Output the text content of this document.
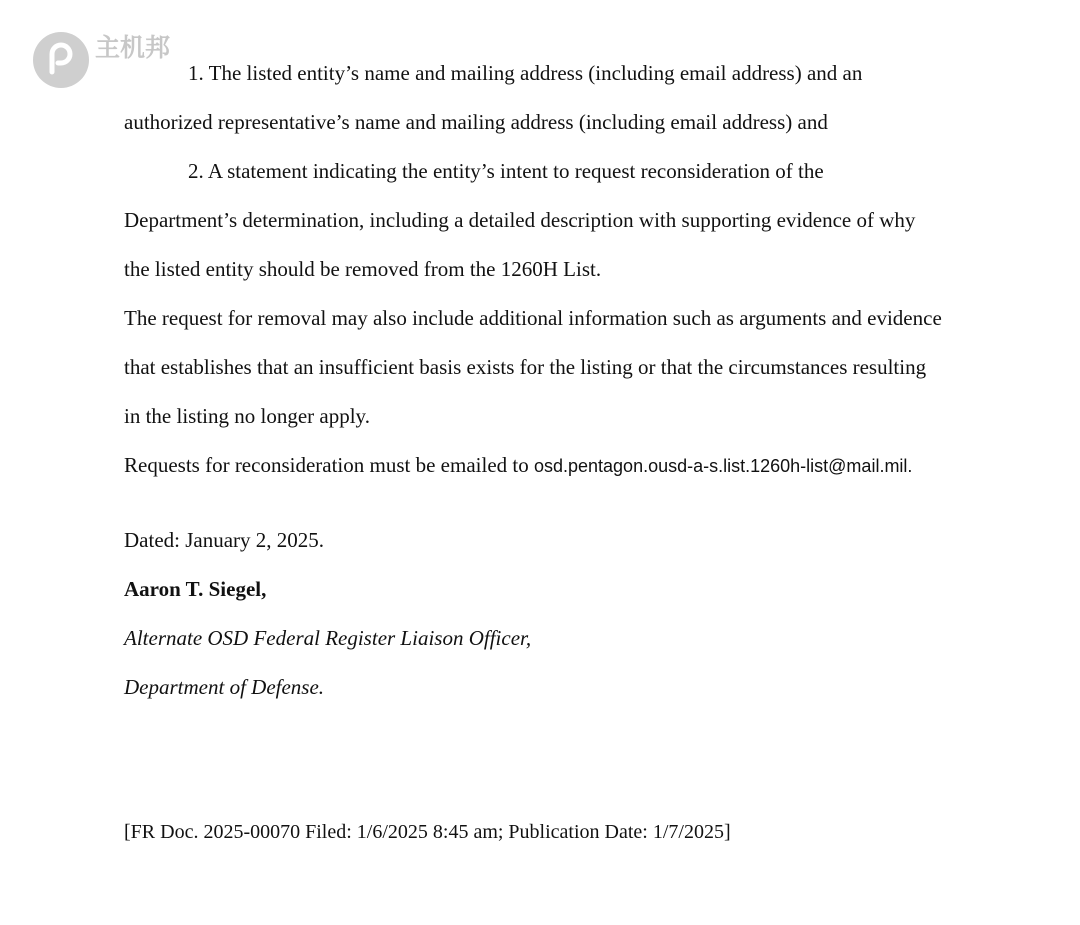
主机邦
1. The listed entity’s name and mailing address (including email address) and an
authorized representative’s name and mailing address (including email address) and
2. A statement indicating the entity’s intent to request reconsideration of the
Department’s determination, including a detailed description with supporting evidence of why
the listed entity should be removed from the 1260H List.
The request for removal may also include additional information such as arguments and evidence
that establishes that an insufficient basis exists for the listing or that the circumstances resulting
in the listing no longer apply.
Requests for reconsideration must be emailed to osd.pentagon.ousd-a-s.list.1260h-list@mail.mil.
Dated: January 2, 2025.
Aaron T. Siegel,
Alternate OSD Federal Register Liaison Officer,
Department of Defense.
[FR Doc. 2025-00070 Filed: 1/6/2025 8:45 am; Publication Date: 1/7/2025]
